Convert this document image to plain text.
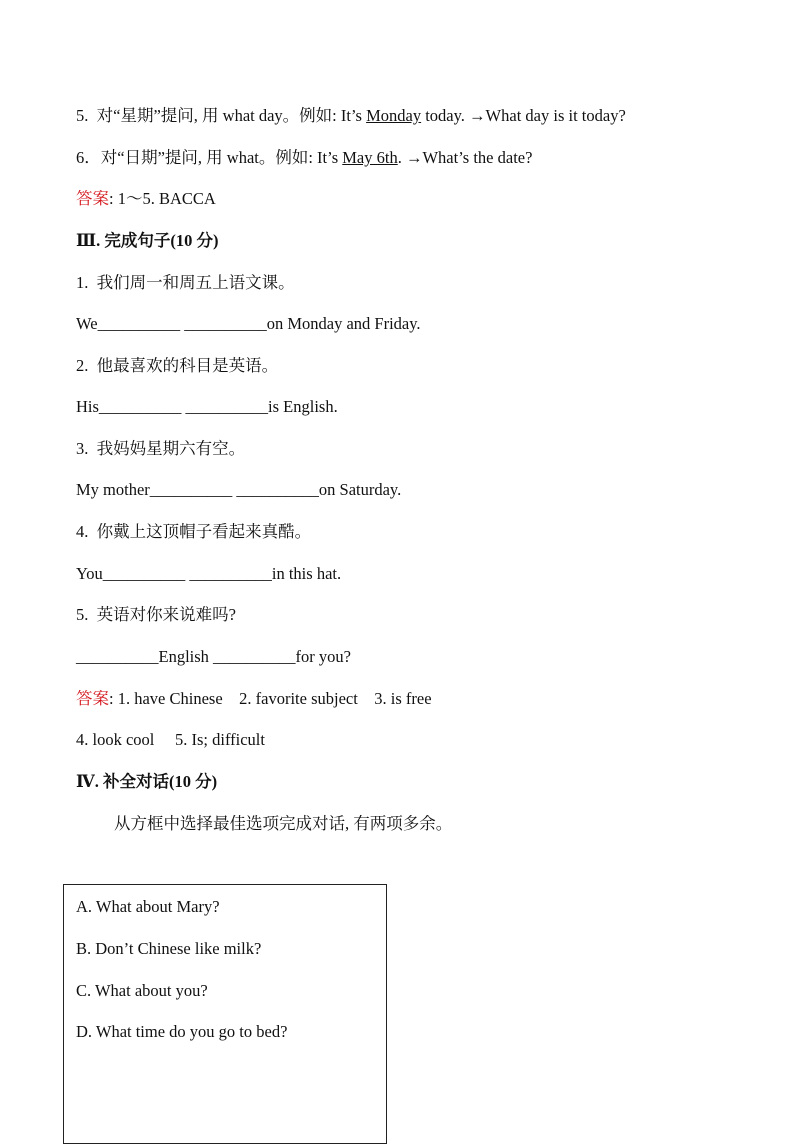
5.  对“星期”提问, 用 what day。例如: It’s Monday today. →What day is it today?
6．对“日期”提问, 用 what。例如: It’s May 6th. →What’s the date?
答案: 1～5. BACCA
Ⅲ. 完成句子(10 分)
1.  我们周一和周五上语文课。
We__________ __________on Monday and Friday.
2.  他最喜欢的科目是英语。
His__________ __________is English.
3.  我妈妈星期六有空。
My mother__________ __________on Saturday.
4.  你戴上这顶帽子看起来真酷。
You__________ __________in this hat.
5.  英语对你来说难吗?
__________English __________for you?
答案: 1. have Chinese    2. favorite subject    3. is free
4. look cool     5. Is; difficult
Ⅳ. 补全对话(10 分)
从方框中选择最佳选项完成对话, 有两项多余。
A. What about Mary?
B. Don’t Chinese like milk?
C. What about you?
D. What time do you go to bed?
